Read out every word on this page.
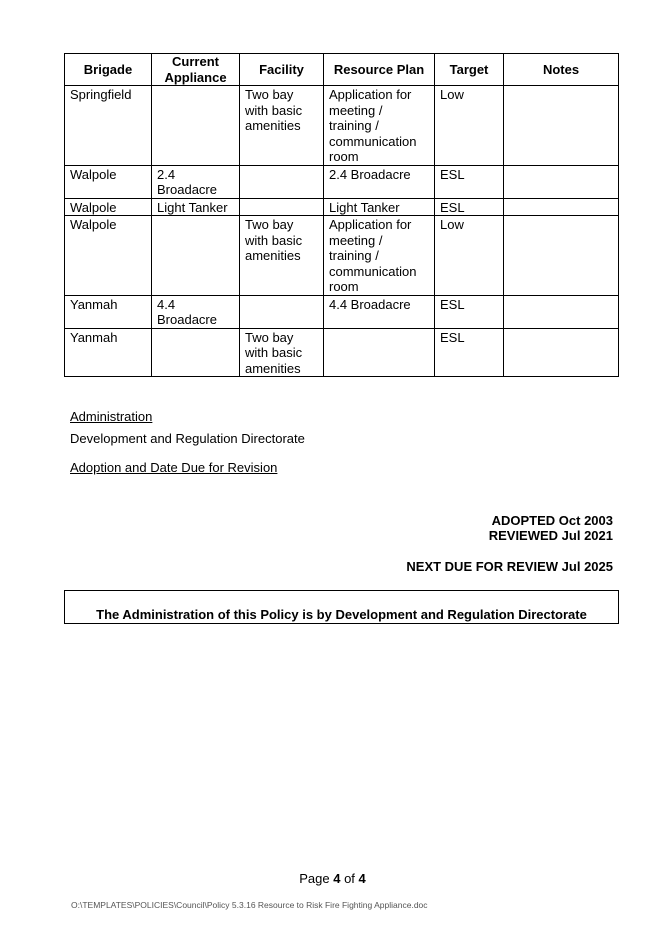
Brigade	Current
Appliance	Facility	Resource Plan	Target	Notes

Springfield		Two bay
with basic
amenities	Application for
meeting /
training /
communication
room	Low	

Walpole	2.4
Broadacre		2.4 Broadacre	ESL	

Walpole	Light Tanker		Light Tanker	ESL	

Walpole		Two bay
with basic
amenities	Application for
meeting /
training /
communication
room	Low	

Yanmah	4.4
Broadacre		4.4 Broadacre	ESL	

Yanmah		Two bay
with basic
amenities		ESL	

Administration
Development and Regulation Directorate
Adoption and Date Due for Revision
ADOPTED Oct 2003
REVIEWED Jul 2021
NEXT DUE FOR REVIEW Jul 2025
The Administration of this Policy is by Development and Regulation Directorate
Page 4 of 4
O:\TEMPLATES\POLICIES\Council\Policy 5.3.16 Resource to Risk Fire Fighting Appliance.doc
